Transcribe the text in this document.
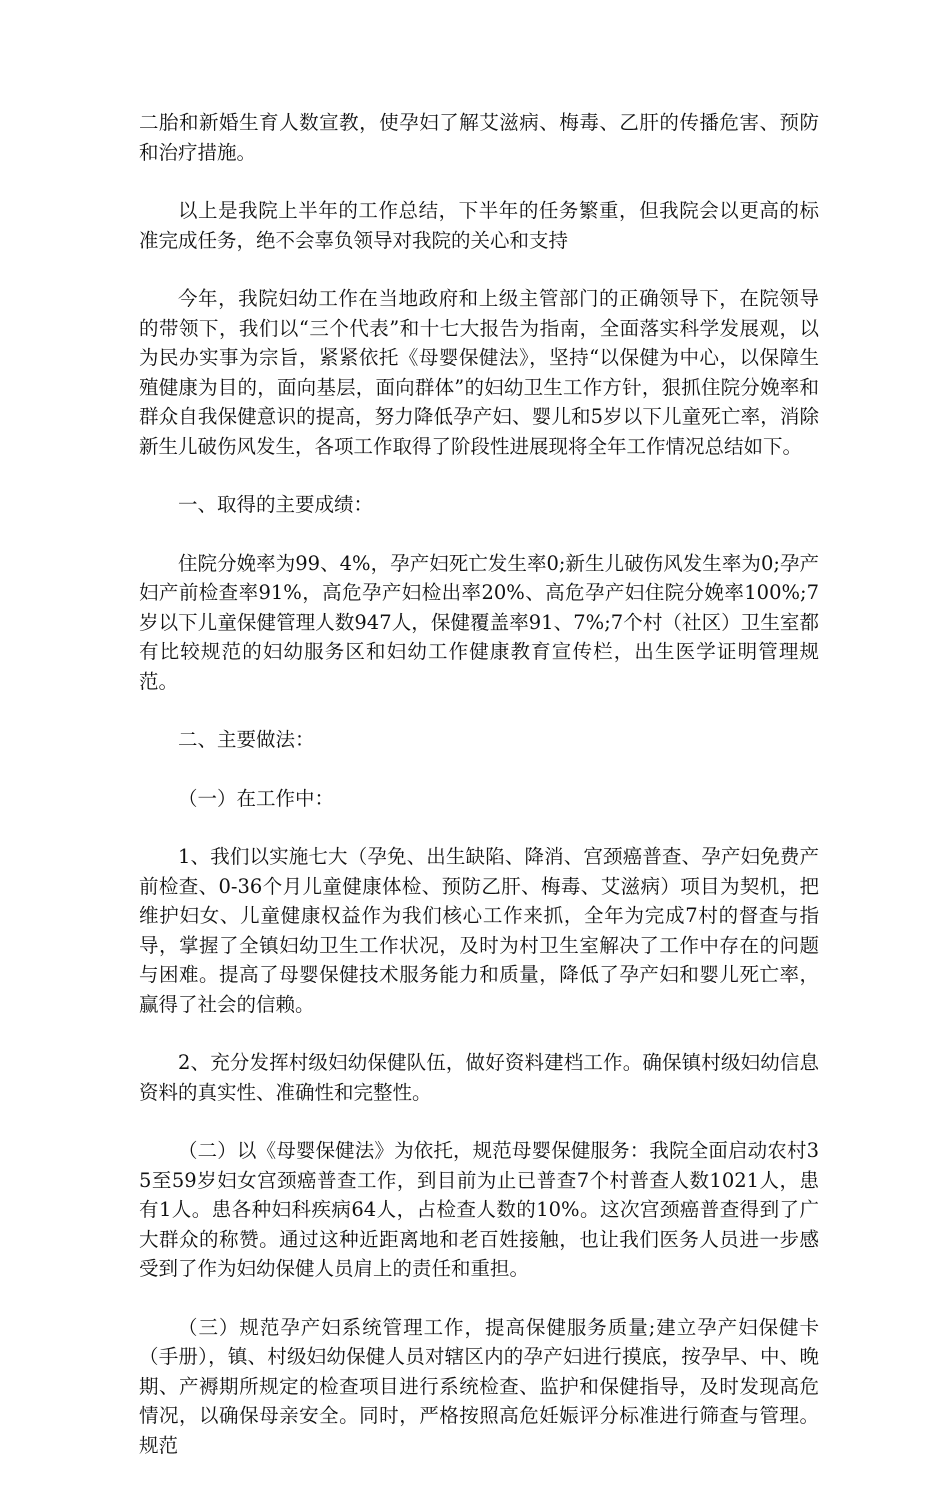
二胎和新婚生育人数宣教，使孕妇了解艾滋病、梅毒、乙肝的传播危害、预防和治疗措施。

以上是我院上半年的工作总结，下半年的任务繁重，但我院会以更高的标准完成任务，绝不会辜负领导对我院的关心和支持

今年，我院妇幼工作在当地政府和上级主管部门的正确领导下，在院领导的带领下，我们以“三个代表”和十七大报告为指南，全面落实科学发展观，以为民办实事为宗旨，紧紧依托《母婴保健法》，坚持“以保健为中心，以保障生殖健康为目的，面向基层，面向群体”的妇幼卫生工作方针，狠抓住院分娩率和群众自我保健意识的提高，努力降低孕产妇、婴儿和5岁以下儿童死亡率，消除新生儿破伤风发生，各项工作取得了阶段性进展现将全年工作情况总结如下。

一、取得的主要成绩：

住院分娩率为99、4%，孕产妇死亡发生率0;新生儿破伤风发生率为0;孕产妇产前检查率91%，高危孕产妇检出率20%、高危孕产妇住院分娩率100%;7岁以下儿童保健管理人数947人，保健覆盖率91、7%;7个村（社区）卫生室都有比较规范的妇幼服务区和妇幼工作健康教育宣传栏，出生医学证明管理规范。

二、主要做法：

（一）在工作中：

1、我们以实施七大（孕免、出生缺陷、降消、宫颈癌普查、孕产妇免费产前检查、0-36个月儿童健康体检、预防乙肝、梅毒、艾滋病）项目为契机，把维护妇女、儿童健康权益作为我们核心工作来抓，全年为完成7村的督查与指导，掌握了全镇妇幼卫生工作状况，及时为村卫生室解决了工作中存在的问题与困难。提高了母婴保健技术服务能力和质量，降低了孕产妇和婴儿死亡率，赢得了社会的信赖。

2、充分发挥村级妇幼保健队伍，做好资料建档工作。确保镇村级妇幼信息资料的真实性、准确性和完整性。

（二）以《母婴保健法》为依托，规范母婴保健服务：我院全面启动农村35至59岁妇女宫颈癌普查工作，到目前为止已普查7个村普查人数1021人，患有1人。患各种妇科疾病64人，占检查人数的10%。这次宫颈癌普查得到了广大群众的称赞。通过这种近距离地和老百姓接触，也让我们医务人员进一步感受到了作为妇幼保健人员肩上的责任和重担。

（三）规范孕产妇系统管理工作，提高保健服务质量;建立孕产妇保健卡（手册），镇、村级妇幼保健人员对辖区内的孕产妇进行摸底，按孕早、中、晚期、产褥期所规定的检查项目进行系统检查、监护和保健指导，及时发现高危情况，以确保母亲安全。同时，严格按照高危妊娠评分标准进行筛查与管理。规范
